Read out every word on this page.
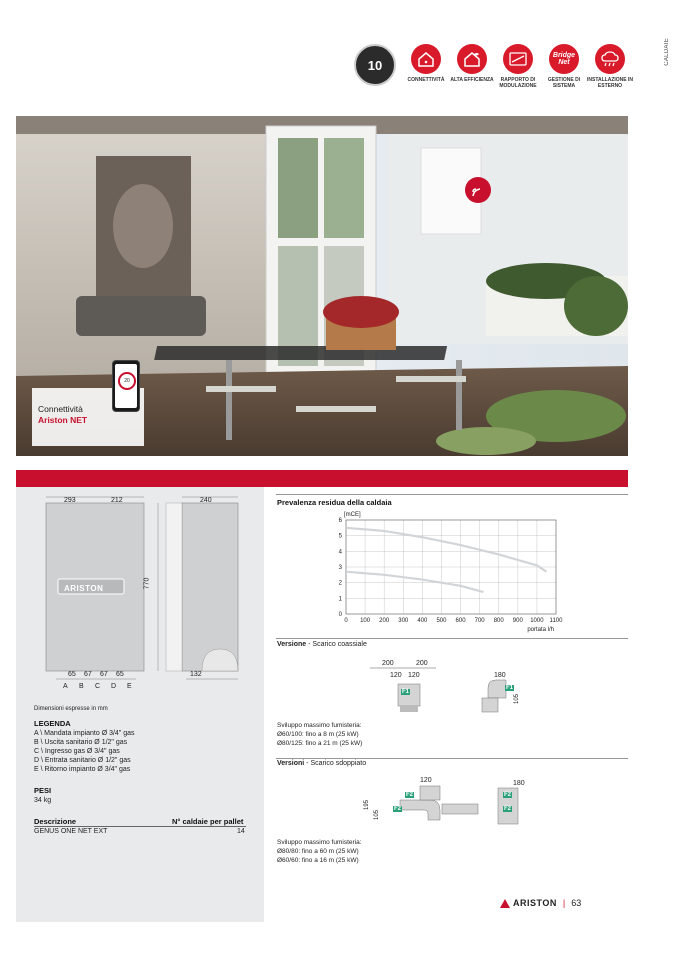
CALDAIE
10
CONNETTIVITÀ	ALTA EFFICIENZA	RAPPORTO DI MODULAZIONE
Bridge Net
GESTIONE DI SISTEMA
INSTALLAZIONE IN ESTERNO
Connettività
Ariston NET
20
293	212	240
770
ARISTON
65 67 67 65	132
A B C D E
Dimensioni espresse in mm
LEGENDA
A \ Mandata impianto Ø 3/4" gas
B \ Uscita sanitario Ø 1/2" gas
C \ Ingresso gas Ø 3/4" gas
D \ Entrata sanitario Ø 1/2" gas
E \ Ritorno impianto Ø 3/4" gas
PESI
34 kg
Descrizione	N° caldaie per pallet
GENUS ONE NET EXT	14
Prevalenza residua della caldaia
0 100 200 300 400 500 600 700 800 900 1000 1100
0
1
2
3
4
5
6
[mCE]
portata l/h
Versione - Scarico coassiale
200	200
120 120
F1
180
F1
105
Sviluppo massimo fumisteria:
Ø60/100: fino a 8 m (25 kW)
Ø80/125: fino a 21 m (25 kW)
Versioni - Scarico sdoppiato
120	180
195
105
F2
F2
F2
F2
Sviluppo massimo fumisteria:
Ø80/80: fino a 60 m (25 kW)
Ø60/60: fino a 16 m (25 kW)
ARISTON | 63
